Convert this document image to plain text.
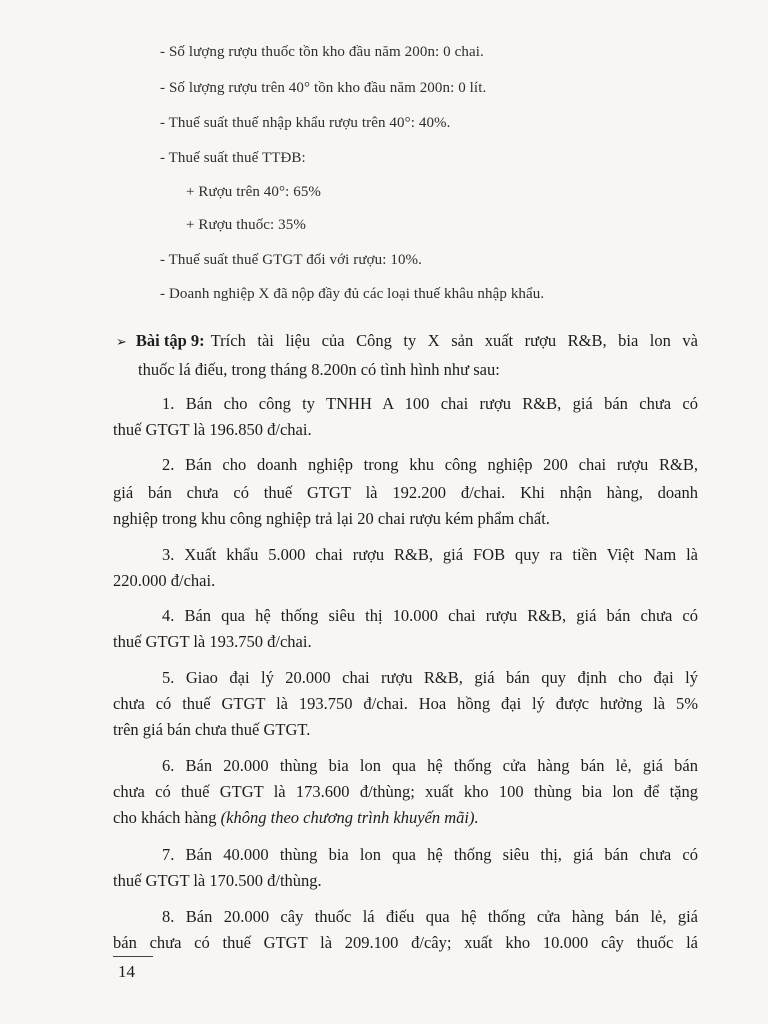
- Số lượng rượu thuốc tồn kho đầu năm 200n: 0 chai.
- Số lượng rượu trên 40° tồn kho đầu năm 200n: 0 lít.
- Thuế suất thuế nhập khẩu rượu trên 40°: 40%.
- Thuế suất thuế TTĐB:
+ Rượu trên 40°: 65%
+ Rượu thuốc: 35%
- Thuế suất thuế GTGT đối với rượu: 10%.
- Doanh nghiệp X đã nộp đầy đủ các loại thuế khâu nhập khẩu.
➢ Bài tập 9: Trích tài liệu của Công ty X sản xuất rượu R&B, bia lon và
thuốc lá điếu, trong tháng 8.200n có tình hình như sau:
1. Bán cho công ty TNHH A 100 chai rượu R&B, giá bán chưa có
thuế GTGT là 196.850 đ/chai.
2. Bán cho doanh nghiệp trong khu công nghiệp 200 chai rượu R&B,
giá bán chưa có thuế GTGT là 192.200 đ/chai. Khi nhận hàng, doanh
nghiệp trong khu công nghiệp trả lại 20 chai rượu kém phẩm chất.
3. Xuất khẩu 5.000 chai rượu R&B, giá FOB quy ra tiền Việt Nam là
220.000 đ/chai.
4. Bán qua hệ thống siêu thị 10.000 chai rượu R&B, giá bán chưa có
thuế GTGT là 193.750 đ/chai.
5. Giao đại lý 20.000 chai rượu R&B, giá bán quy định cho đại lý
chưa có thuế GTGT là 193.750 đ/chai. Hoa hồng đại lý được hưởng là 5%
trên giá bán chưa thuế GTGT.
6. Bán 20.000 thùng bia lon qua hệ thống cửa hàng bán lẻ, giá bán
chưa có thuế GTGT là 173.600 đ/thùng; xuất kho 100 thùng bia lon để tặng
cho khách hàng (không theo chương trình khuyến mãi).
7. Bán 40.000 thùng bia lon qua hệ thống siêu thị, giá bán chưa có
thuế GTGT là 170.500 đ/thùng.
8. Bán 20.000 cây thuốc lá điếu qua hệ thống cửa hàng bán lẻ, giá
bán chưa có thuế GTGT là 209.100 đ/cây; xuất kho 10.000 cây thuốc lá
14
